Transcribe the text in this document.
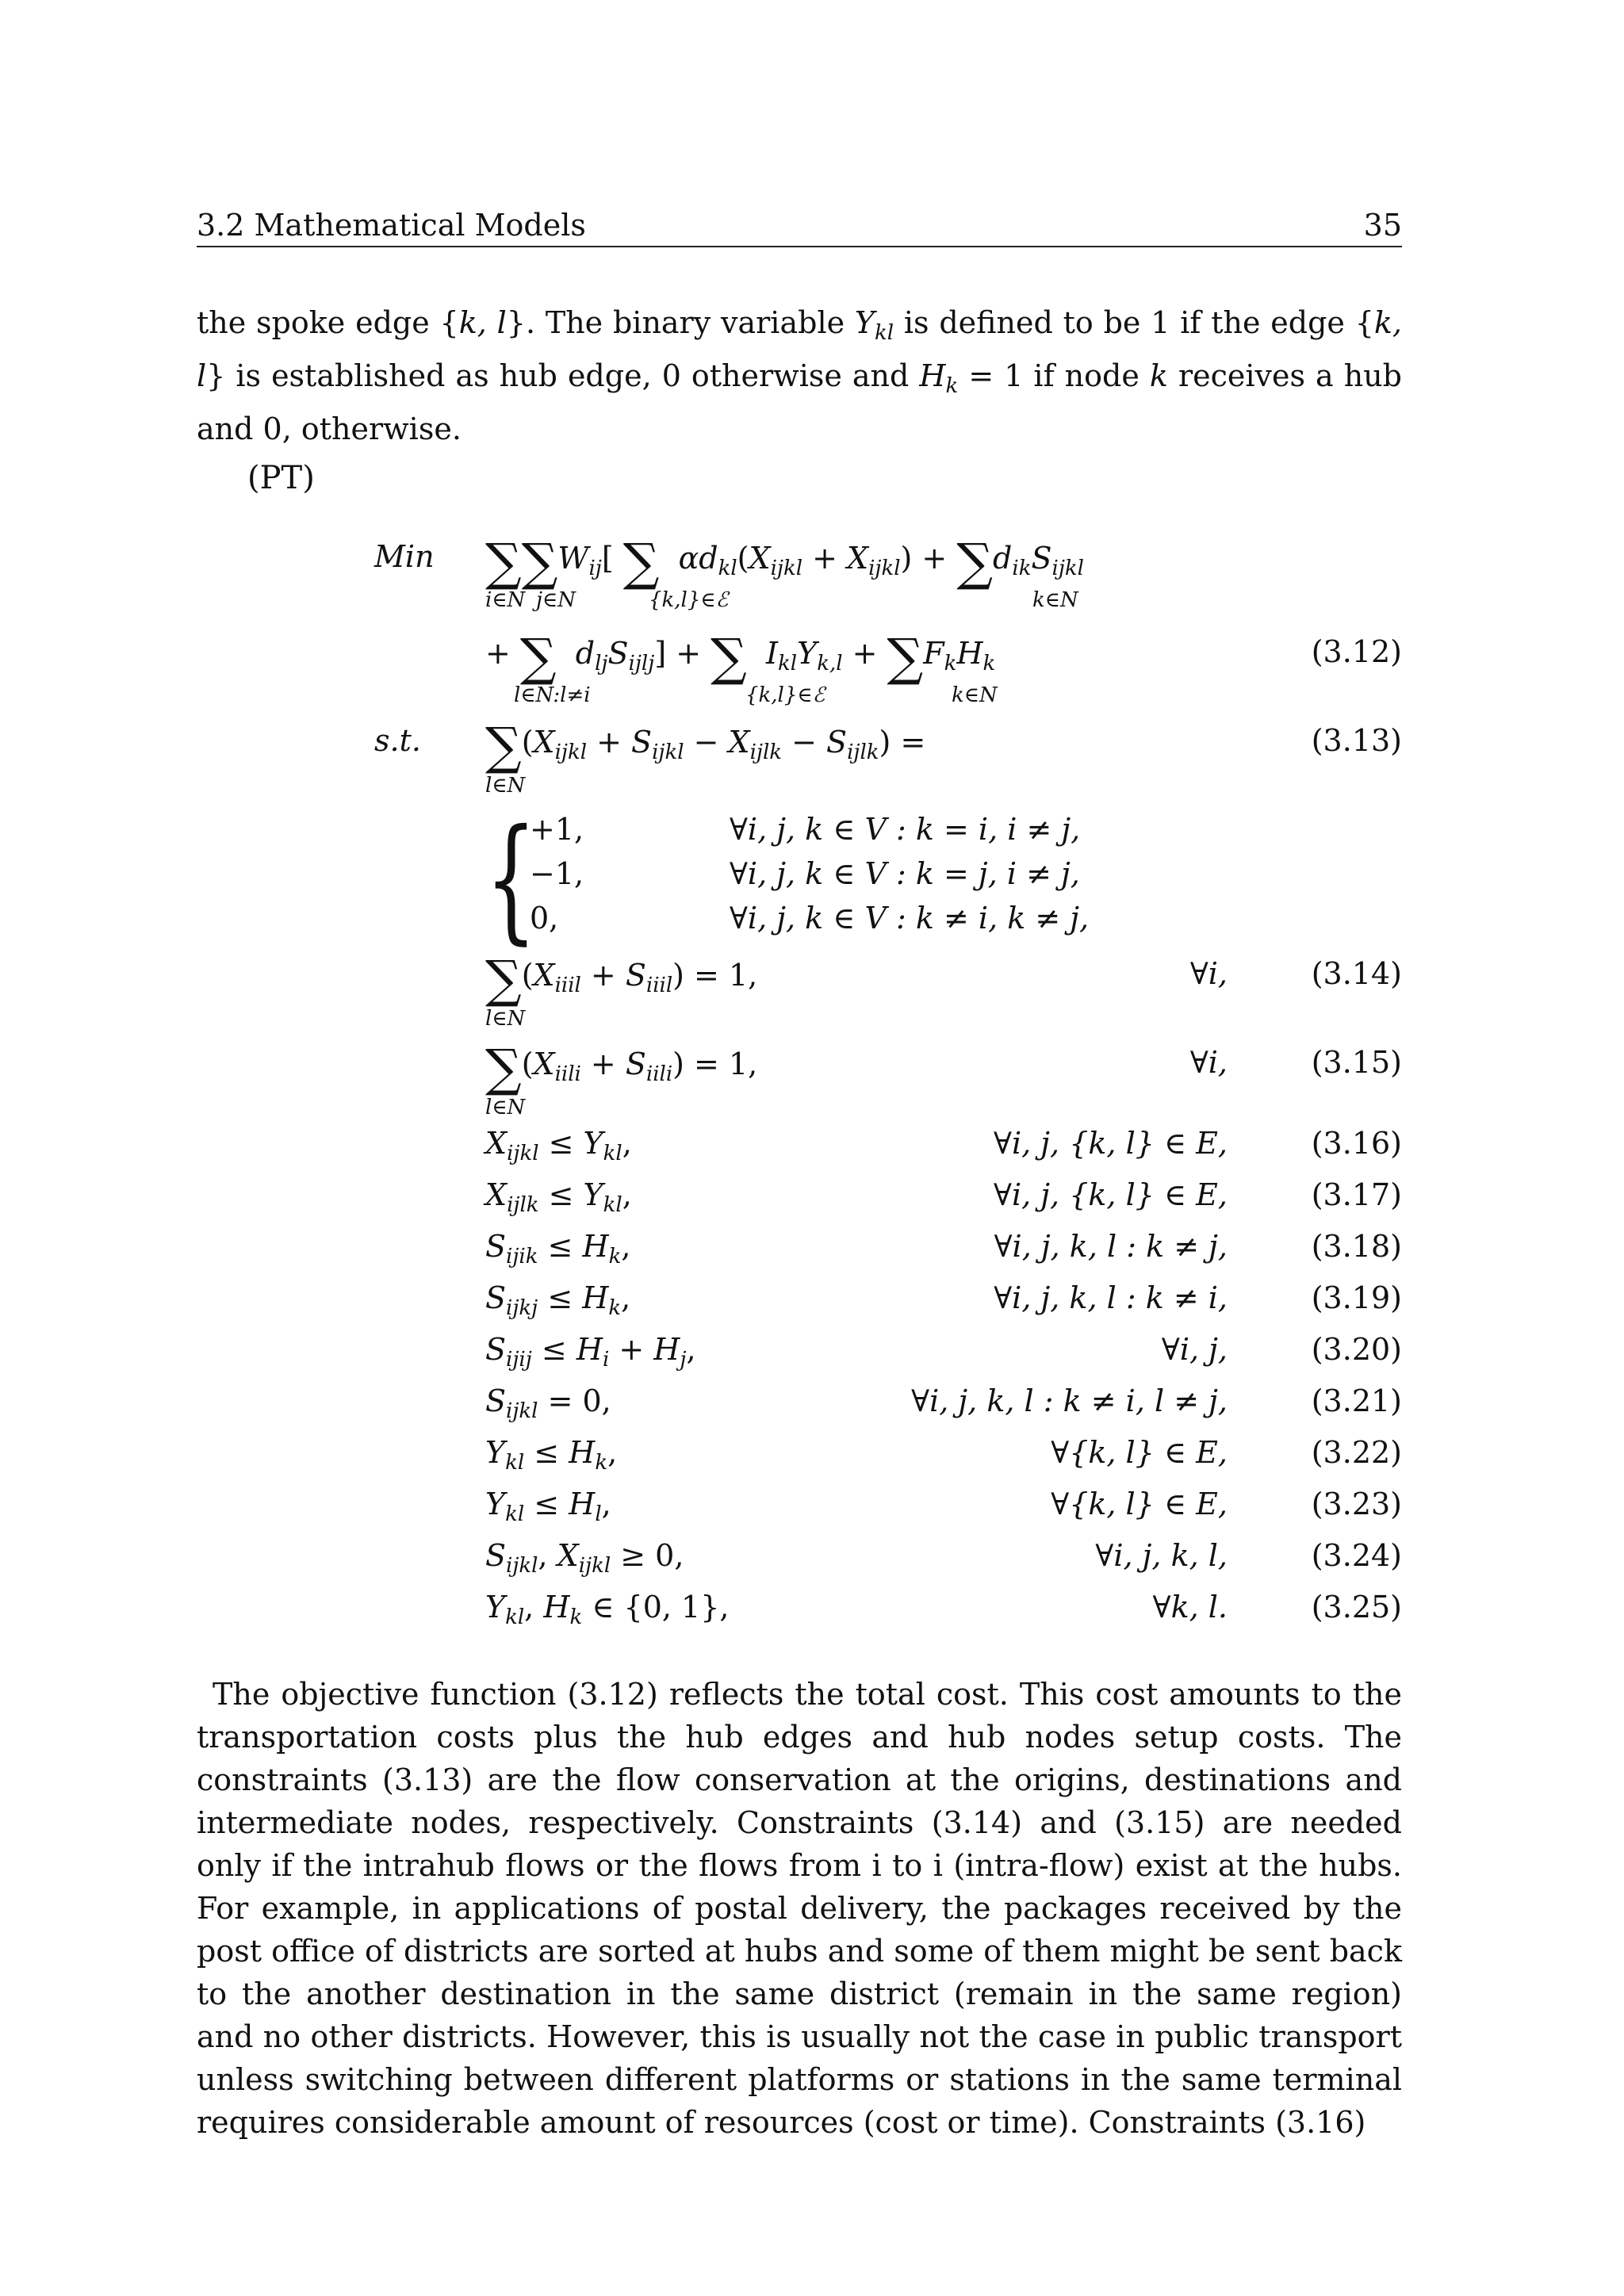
3.2 Mathematical Models	35

the spoke edge {k, l}. The binary variable $Y_{kl}$ is defined to be 1 if the edge {k, l} is established as hub edge, 0 otherwise and $H_k = 1$ if node k receives a hub and 0, otherwise.

(PT)
Min $\sum\sum W_{ij}$[ ∑ $\alpha d_{kl}(X_{ijkl} + X_{ijkl}) + \sum d_{ik}S_{ijkl}$
i∈N j∈N	{k,l}∈ℰ	k∈N
+ ∑ $d_{lj}S_{ijlj}$] + ∑ $I_{kl}Y_{k,l} + \sum F_kH_k$	(3.12)
l∈N:l≠i	{k,l}∈ℰ	k∈N
s.t. $\sum(X_{ijkl} + S_{ijkl} - X_{ijlk} - S_{ijlk})$ =	(3.13)
l∈N
{
+1,	∀i, j, k ∈ V : k = i, i ≠ j,
−1,	∀i, j, k ∈ V : k = j, i ≠ j,
0,	∀i, j, k ∈ V : k ≠ i, k ≠ j,
$\sum(X_{iiil} + S_{iiil}) = 1$,	∀i,	(3.14)
l∈N
$\sum(X_{iili} + S_{iili}) = 1$,	∀i,	(3.15)
l∈N
$X_{ijkl} \le Y_{kl}$,	∀i, j, {k, l} ∈ E,	(3.16)
$X_{ijlk} \le Y_{kl}$,	∀i, j, {k, l} ∈ E,	(3.17)
$S_{ijik} \le H_k$,	∀i, j, k, l : k ≠ j,	(3.18)
$S_{ijkj} \le H_k$,	∀i, j, k, l : k ≠ i,	(3.19)
$S_{ijij} \le H_i + H_j$,	∀i, j,	(3.20)
$S_{ijkl} = 0$,	∀i, j, k, l : k ≠ i, l ≠ j,	(3.21)
$Y_{kl} \le H_k$,	∀{k, l} ∈ E,	(3.22)
$Y_{kl} \le H_l$,	∀{k, l} ∈ E,	(3.23)
$S_{ijkl}$, $X_{ijkl} \ge 0$,	∀i, j, k, l,	(3.24)
$Y_{kl}$, $H_k$ ∈ {0, 1},	∀k, l.	(3.25)

The objective function (3.12) reflects the total cost. This cost amounts to the transportation costs plus the hub edges and hub nodes setup costs. The constraints (3.13) are the flow conservation at the origins, destinations and intermediate nodes, respectively. Constraints (3.14) and (3.15) are needed only if the intrahub flows or the flows from i to i (intra-flow) exist at the hubs. For example, in applications of postal delivery, the packages received by the post office of districts are sorted at hubs and some of them might be sent back to the another destination in the same district (remain in the same region) and no other districts. However, this is usually not the case in public transport unless switching between different platforms or stations in the same terminal requires considerable amount of resources (cost or time). Constraints (3.16)
